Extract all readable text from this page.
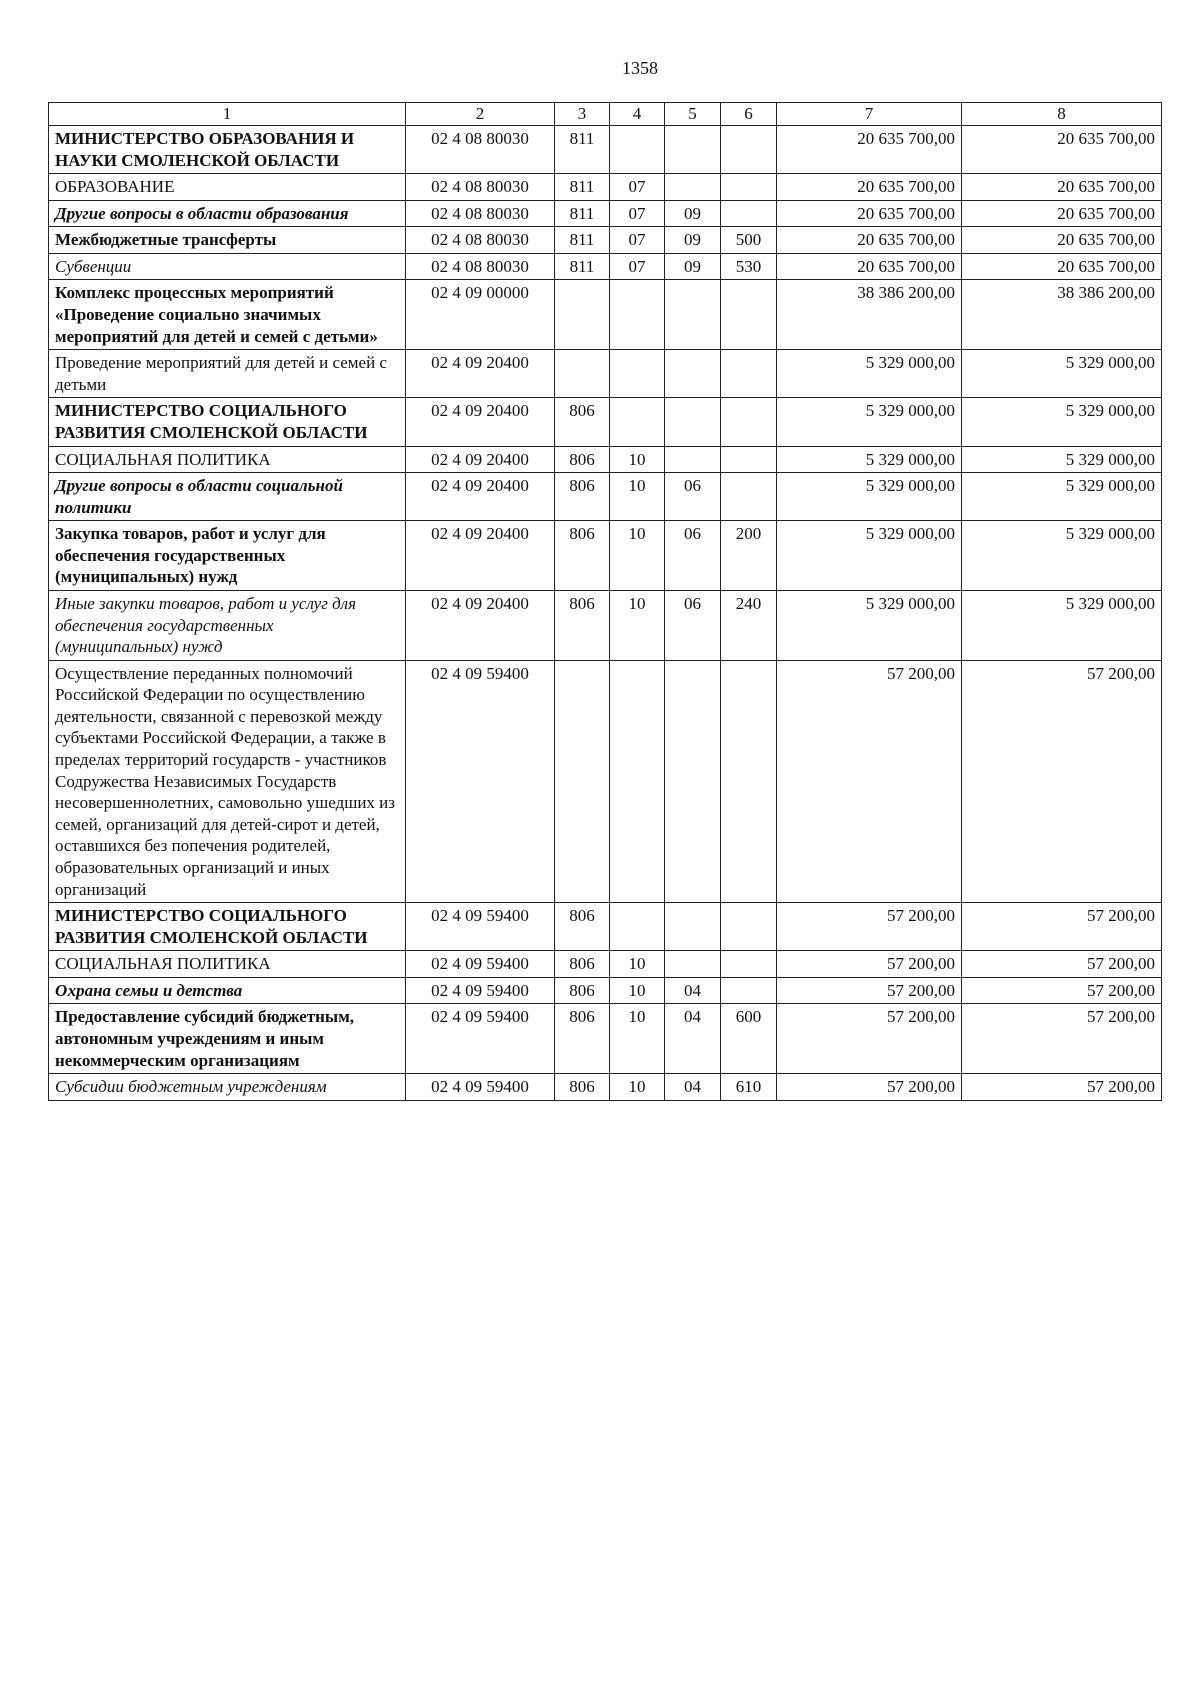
1358
1	2	3	4	5	6	7	8
МИНИСТЕРСТВО ОБРАЗОВАНИЯ И НАУКИ СМОЛЕНСКОЙ ОБЛАСТИ	02 4 08 80030	811				20 635 700,00	20 635 700,00
ОБРАЗОВАНИЕ	02 4 08 80030	811	07			20 635 700,00	20 635 700,00
Другие вопросы в области образования	02 4 08 80030	811	07	09		20 635 700,00	20 635 700,00
Межбюджетные трансферты	02 4 08 80030	811	07	09	500	20 635 700,00	20 635 700,00
Субвенции	02 4 08 80030	811	07	09	530	20 635 700,00	20 635 700,00
Комплекс процессных мероприятий «Проведение социально значимых мероприятий для детей и семей с детьми»	02 4 09 00000					38 386 200,00	38 386 200,00
Проведение мероприятий для детей и семей с детьми	02 4 09 20400					5 329 000,00	5 329 000,00
МИНИСТЕРСТВО СОЦИАЛЬНОГО РАЗВИТИЯ СМОЛЕНСКОЙ ОБЛАСТИ	02 4 09 20400	806				5 329 000,00	5 329 000,00
СОЦИАЛЬНАЯ ПОЛИТИКА	02 4 09 20400	806	10			5 329 000,00	5 329 000,00
Другие вопросы в области социальной политики	02 4 09 20400	806	10	06		5 329 000,00	5 329 000,00
Закупка товаров, работ и услуг для обеспечения государственных (муниципальных) нужд	02 4 09 20400	806	10	06	200	5 329 000,00	5 329 000,00
Иные закупки товаров, работ и услуг для обеспечения государственных (муниципальных) нужд	02 4 09 20400	806	10	06	240	5 329 000,00	5 329 000,00
Осуществление переданных полномочий Российской Федерации по осуществлению деятельности, связанной с перевозкой между субъектами Российской Федерации, а также в пределах территорий государств - участников Содружества Независимых Государств несовершеннолетних, самовольно ушедших из семей, организаций для детей-сирот и детей, оставшихся без попечения родителей, образовательных организаций и иных организаций	02 4 09 59400					57 200,00	57 200,00
МИНИСТЕРСТВО СОЦИАЛЬНОГО РАЗВИТИЯ СМОЛЕНСКОЙ ОБЛАСТИ	02 4 09 59400	806				57 200,00	57 200,00
СОЦИАЛЬНАЯ ПОЛИТИКА	02 4 09 59400	806	10			57 200,00	57 200,00
Охрана семьи и детства	02 4 09 59400	806	10	04		57 200,00	57 200,00
Предоставление субсидий бюджетным, автономным учреждениям и иным некоммерческим организациям	02 4 09 59400	806	10	04	600	57 200,00	57 200,00
Субсидии бюджетным учреждениям	02 4 09 59400	806	10	04	610	57 200,00	57 200,00
